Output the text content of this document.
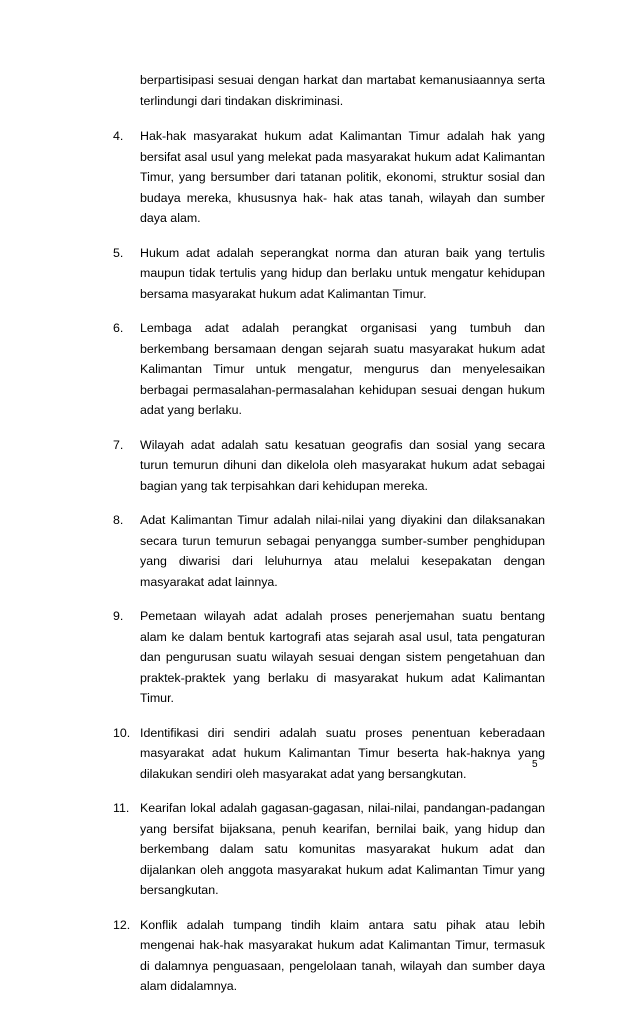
berpartisipasi sesuai dengan harkat dan martabat kemanusiaannya serta terlindungi dari tindakan diskriminasi.
4. Hak-hak masyarakat hukum adat Kalimantan Timur adalah hak yang bersifat asal usul yang melekat pada masyarakat hukum adat Kalimantan Timur, yang bersumber dari tatanan politik, ekonomi, struktur sosial dan budaya mereka, khususnya hak- hak atas tanah, wilayah dan sumber daya alam.
5. Hukum adat adalah seperangkat norma dan aturan baik yang tertulis maupun tidak tertulis yang hidup dan berlaku untuk mengatur kehidupan bersama masyarakat hukum adat Kalimantan Timur.
6. Lembaga adat adalah perangkat organisasi yang tumbuh dan berkembang bersamaan dengan sejarah suatu masyarakat hukum adat Kalimantan Timur untuk mengatur, mengurus dan menyelesaikan berbagai permasalahan-permasalahan kehidupan sesuai dengan hukum adat yang berlaku.
7. Wilayah adat adalah satu kesatuan geografis dan sosial yang secara turun temurun dihuni dan dikelola oleh masyarakat hukum adat sebagai bagian yang tak terpisahkan dari kehidupan mereka.
8. Adat Kalimantan Timur adalah nilai-nilai yang diyakini dan dilaksanakan secara turun temurun sebagai penyangga sumber-sumber penghidupan yang diwarisi dari leluhurnya atau melalui kesepakatan dengan masyarakat adat lainnya.
9. Pemetaan wilayah adat adalah proses penerjemahan suatu bentang alam ke dalam bentuk kartografi atas sejarah asal usul, tata pengaturan dan pengurusan suatu wilayah sesuai dengan sistem pengetahuan dan praktek-praktek yang berlaku di masyarakat hukum adat Kalimantan Timur.
10. Identifikasi diri sendiri adalah suatu proses penentuan keberadaan masyarakat adat hukum Kalimantan Timur beserta hak-haknya yang dilakukan sendiri oleh masyarakat adat yang bersangkutan.
11. Kearifan lokal adalah gagasan-gagasan, nilai-nilai, pandangan-padangan yang bersifat bijaksana, penuh kearifan, bernilai baik, yang hidup dan berkembang dalam satu komunitas masyarakat hukum adat dan dijalankan oleh anggota masyarakat hukum adat Kalimantan Timur yang bersangkutan.
12. Konflik adalah tumpang tindih klaim antara satu pihak atau lebih mengenai hak-hak masyarakat hukum adat Kalimantan Timur, termasuk di dalamnya penguasaan, pengelolaan tanah, wilayah dan sumber daya alam didalamnya.
5
